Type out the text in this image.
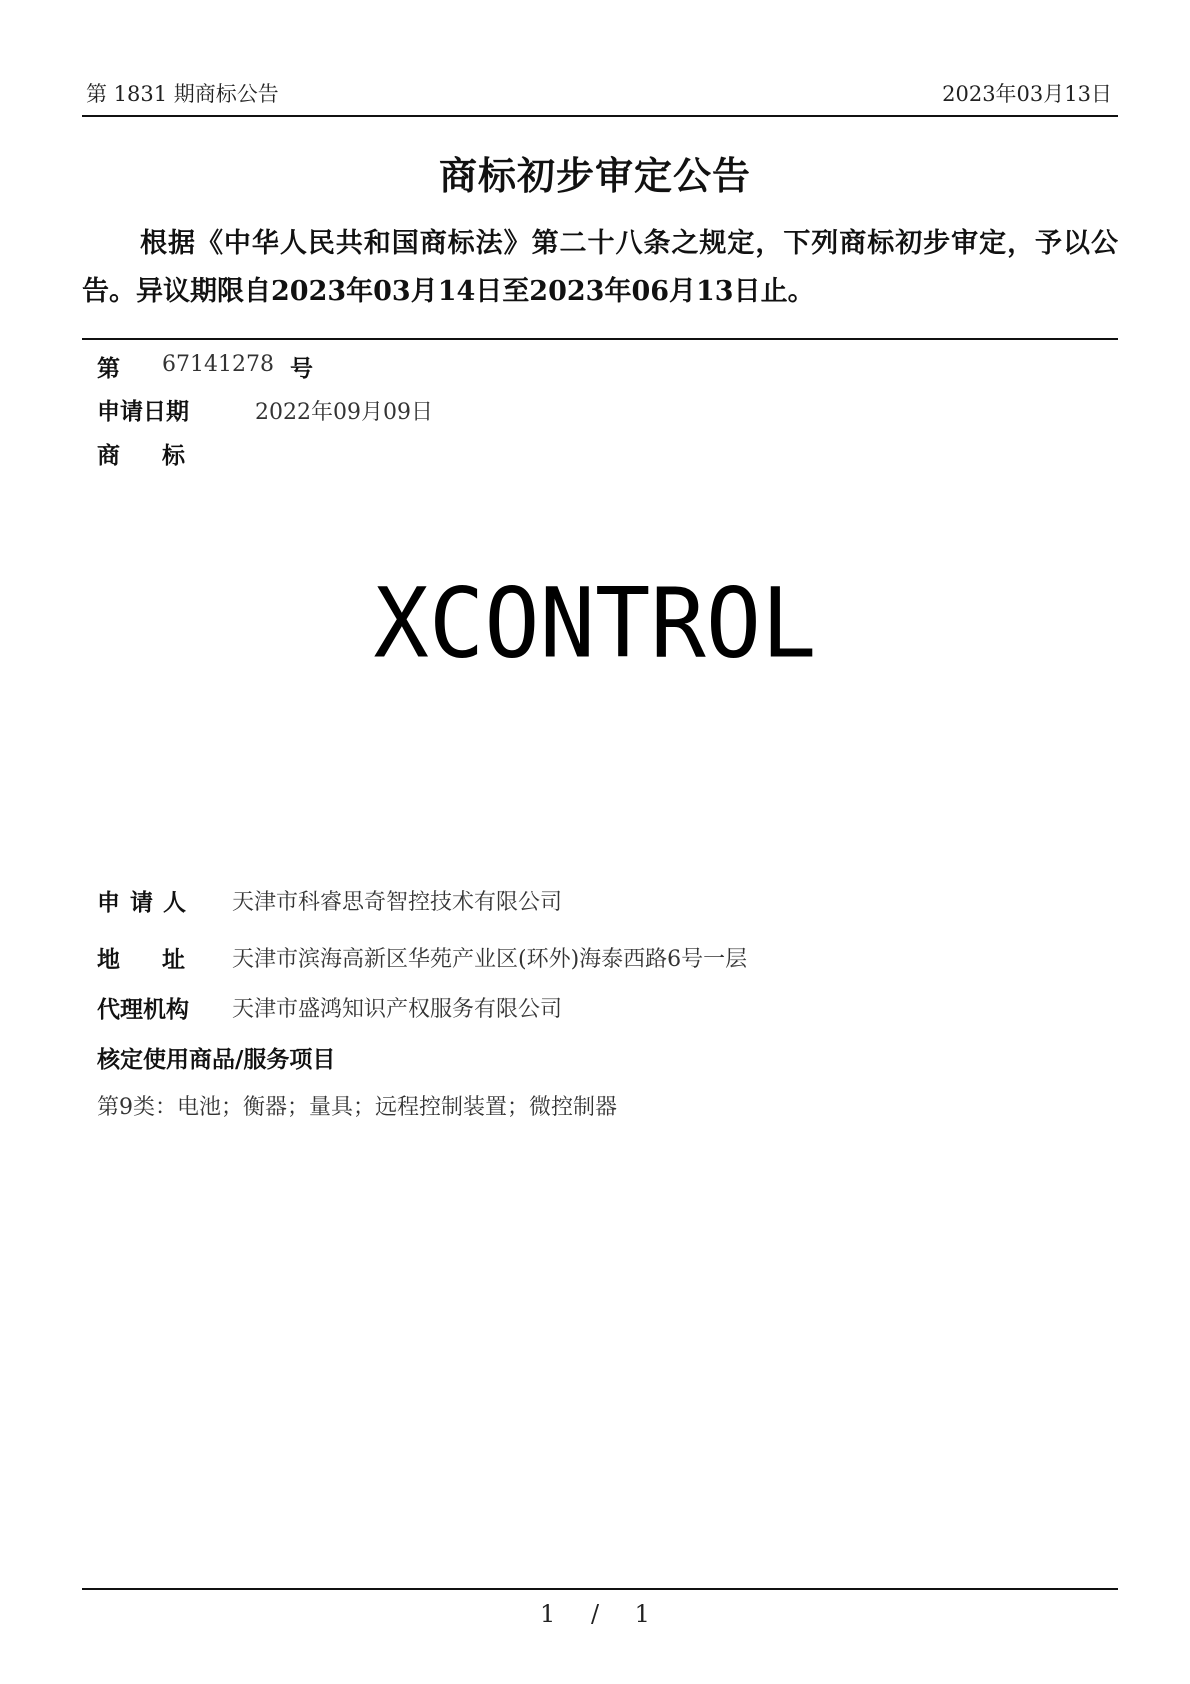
第 1831 期商标公告	2023年03月13日
商标初步审定公告
根据《中华人民共和国商标法》第二十八条之规定，下列商标初步审定，予以公告。异议期限自2023年03月14日至2023年06月13日止。
第 67141278 号
申请日期	2022年09月09日
商标
XCONTROL
申请人 天津市科睿思奇智控技术有限公司
地址 天津市滨海高新区华苑产业区(环外)海泰西路6号一层
代理机构 天津市盛鸿知识产权服务有限公司
核定使用商品/服务项目
第9类：电池；衡器；量具；远程控制装置；微控制器
1 / 1
